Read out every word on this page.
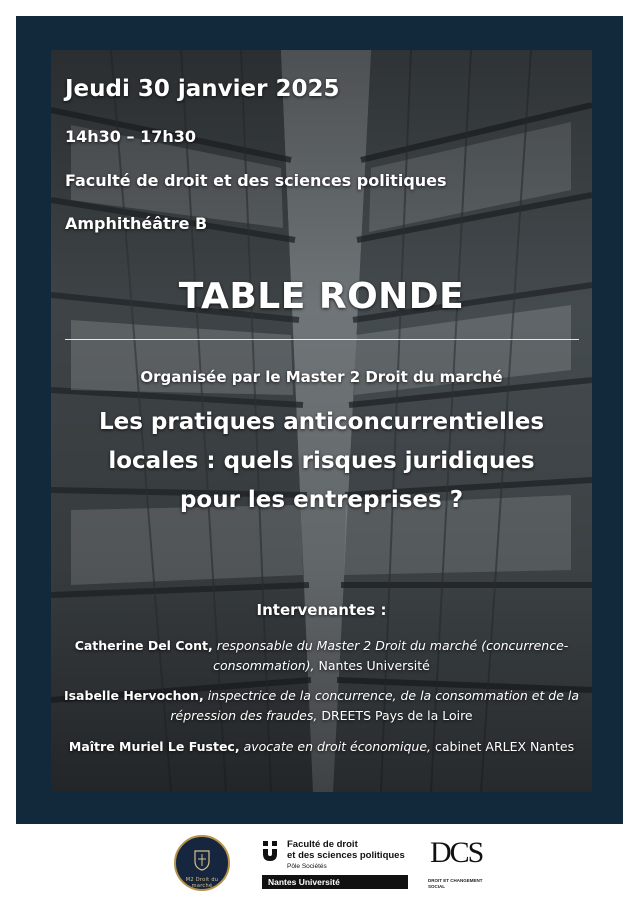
Jeudi 30 janvier 2025
14h30 – 17h30
Faculté de droit et des sciences politiques
Amphithéâtre B
TABLE RONDE
Organisée par le Master 2 Droit du marché
Les pratiques anticoncurrentielles locales : quels risques juridiques pour les entreprises ?
Intervenantes :
Catherine Del Cont, responsable du Master 2 Droit du marché (concurrence-consommation), Nantes Université
Isabelle Hervochon, inspectrice de la concurrence, de la consommation et de la répression des fraudes, DREETS Pays de la Loire
Maître Muriel Le Fustec, avocate en droit économique, cabinet ARLEX Nantes
M2 Droit du marché
Faculté de droit
et des sciences politiques
Pôle Sociétés
Nantes Université
DCS
DROIT ET CHANGEMENT SOCIAL
